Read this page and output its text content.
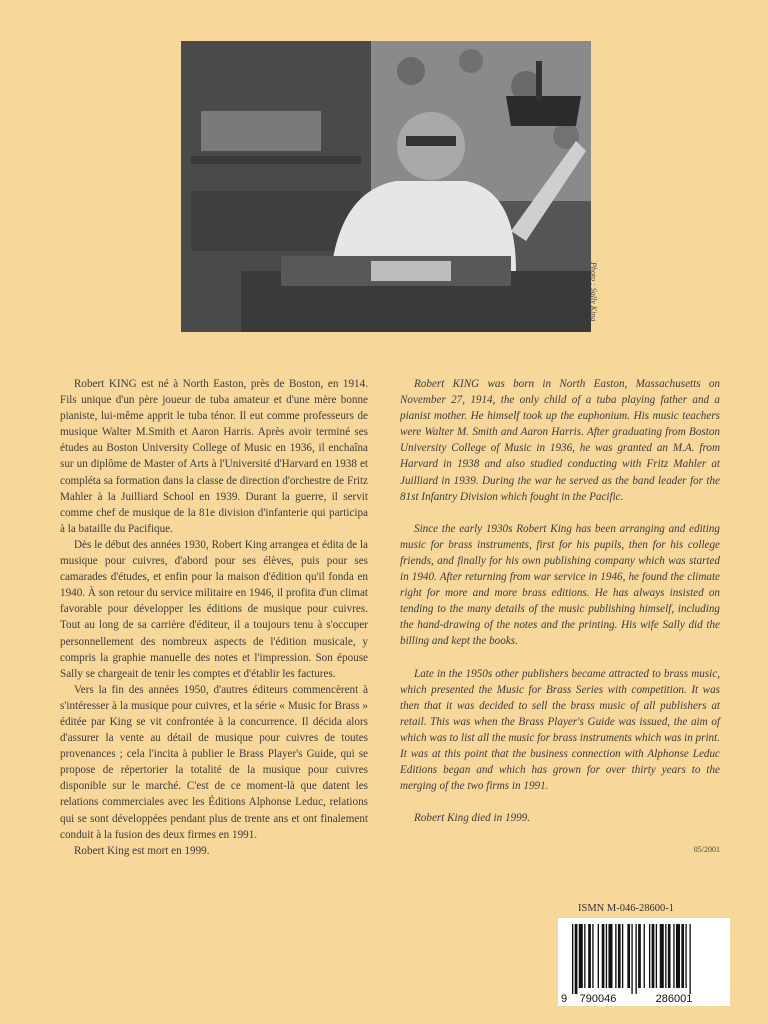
Photo : Sally King

Robert KING est né à North Easton, près de Boston, en 1914. Fils unique d'un père joueur de tuba amateur et d'une mère bonne pianiste, lui-même apprit le tuba ténor. Il eut comme professeurs de musique Walter M.Smith et Aaron Harris. Après avoir terminé ses études au Boston University College of Music en 1936, il enchaîna sur un diplôme de Master of Arts à l'Université d'Harvard en 1938 et compléta sa formation dans la classe de direction d'orchestre de Fritz Mahler à la Juilliard School en 1939. Durant la guerre, il servit comme chef de musique de la 81e division d'infanterie qui participa à la bataille du Pacifique.

Dès le début des années 1930, Robert King arrangea et édita de la musique pour cuivres, d'abord pour ses élèves, puis pour ses camarades d'études, et enfin pour la maison d'édition qu'il fonda en 1940. À son retour du service militaire en 1946, il profita d'un climat favorable pour développer les éditions de musique pour cuivres. Tout au long de sa carrière d'éditeur, il a toujours tenu à s'occuper personnellement des nombreux aspects de l'édition musicale, y compris la graphie manuelle des notes et l'impression. Son épouse Sally se chargeait de tenir les comptes et d'établir les factures.

Vers la fin des années 1950, d'autres éditeurs commencèrent à s'intéresser à la musique pour cuivres, et la série « Music for Brass » éditée par King se vit confrontée à la concurrence. Il décida alors d'assurer la vente au détail de musique pour cuivres de toutes provenances ; cela l'incita à publier le Brass Player's Guide, qui se propose de répertorier la totalité de la musique pour cuivres disponible sur le marché. C'est de ce moment-là que datent les relations commerciales avec les Éditions Alphonse Leduc, relations qui se sont développées pendant plus de trente ans et ont finalement conduit à la fusion des deux firmes en 1991.

Robert King est mort en 1999.

Robert KING was born in North Easton, Massachusetts on November 27, 1914, the only child of a tuba playing father and a pianist mother. He himself took up the euphonium. His music teachers were Walter M. Smith and Aaron Harris. After graduating from Boston University College of Music in 1936, he was granted an M.A. from Harvard in 1938 and also studied conducting with Fritz Mahler at Juilliard in 1939. During the war he served as the band leader for the 81st Infantry Division which fought in the Pacific.

Since the early 1930s Robert King has been arranging and editing music for brass instruments, first for his pupils, then for his college friends, and finally for his own publishing company which was started in 1940. After returning from war service in 1946, he found the climate right for more and more brass editions. He has always insisted on tending to the many details of the music publishing himself, including the hand-drawing of the notes and the printing. His wife Sally did the billing and kept the books.

Late in the 1950s other publishers became attracted to brass music, which presented the Music for Brass Series with competition. It was then that it was decided to sell the brass music of all publishers at retail. This was when the Brass Player's Guide was issued, the aim of which was to list all the music for brass instruments which was in print. It was at this point that the business connection with Alphonse Leduc Editions began and which has grown for over thirty years to the merging of the two firms in 1991.

Robert King died in 1999.

05/2001
ISMN M-046-28600-1
9 790046	286001
